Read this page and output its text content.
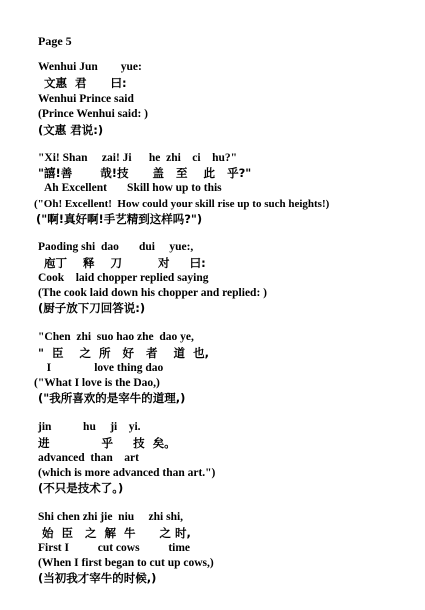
Page 5
Wenhui Jun        yue:
文惠  君      曰:
Wenhui Prince said
(Prince Wenhui said: )
(文惠 君说:)
"Xi! Shan     zai! Ji      he  zhi    ci    hu?"
"譆!善       哉!技      盖   至    此   乎?"
Ah Excellent       Skill how up to this
("Oh! Excellent!  How could your skill rise up to such heights!)
("啊!真好啊!手艺精到这样吗?")
Paoding shi  dao       dui     yue:,
庖丁    释    刀         对     曰:
Cook    laid chopper replied saying
(The cook laid down his chopper and replied: )
(厨子放下刀回答说:)
"Chen  zhi  suo hao zhe  dao ye,
"  臣    之  所   好   者    道  也,
I               love thing dao
("What I love is the Dao,)
("我所喜欢的是宰牛的道理,)
jin           hu     ji    yi.
进             乎     技  矣。
advanced  than    art
(which is more advanced than art.")
(不只是技术了。)
Shi chen zhi jie  niu     zhi shi,
始  臣   之  解  牛      之 时,
First I          cut cows          time
(When I first began to cut up cows,)
(当初我才宰牛的时候,)
